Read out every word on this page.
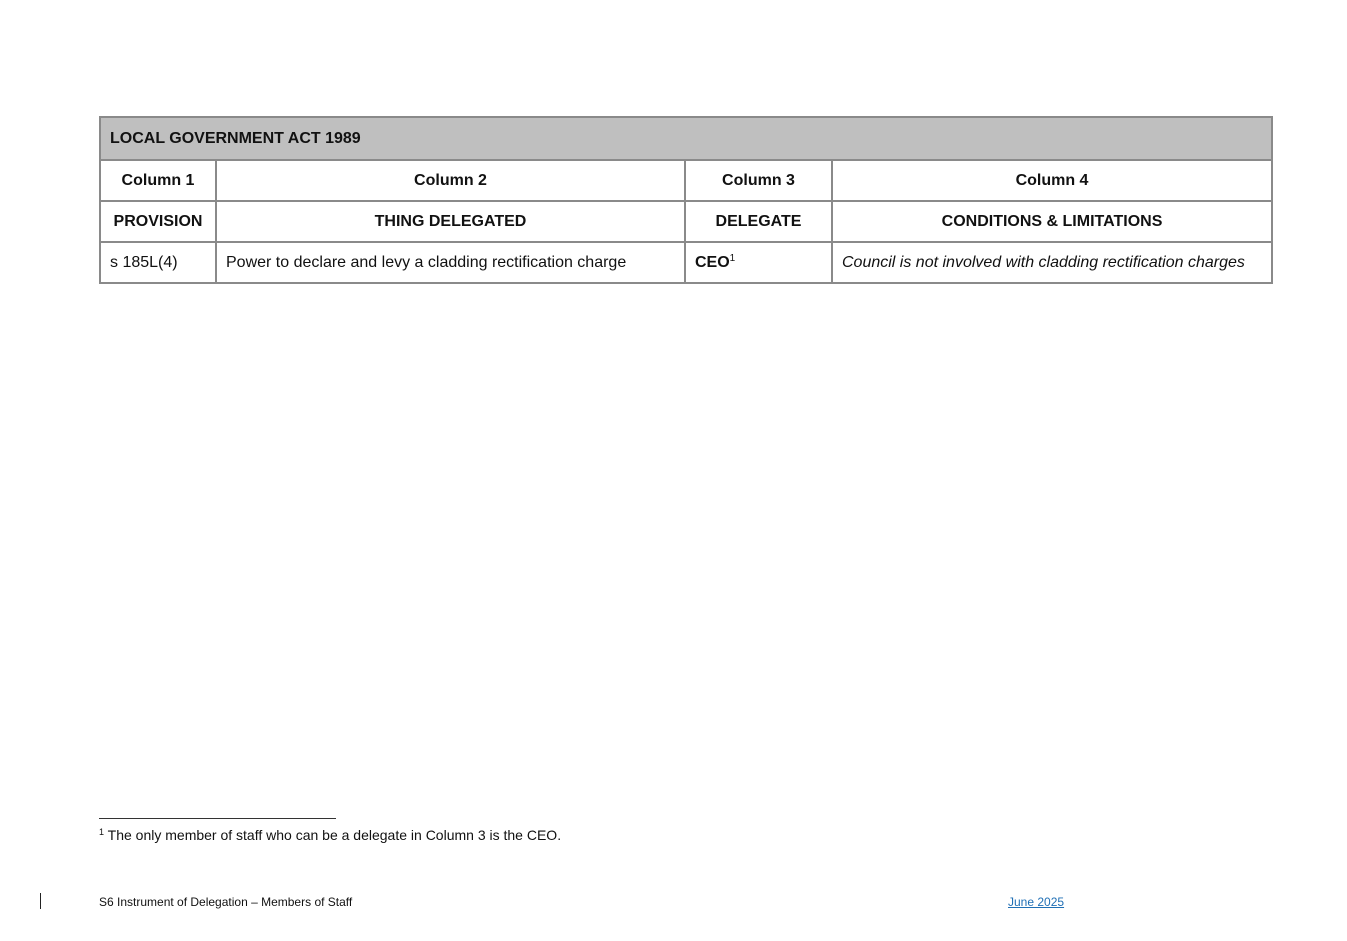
LOCAL GOVERNMENT ACT 1989			
Column 1	Column 2	Column 3	Column 4
PROVISION	THING DELEGATED	DELEGATE	CONDITIONS & LIMITATIONS
s 185L(4)	Power to declare and levy a cladding rectification charge	CEO$^1$	Council is not involved with cladding rectification charges
$^1$ The only member of staff who can be a delegate in Column 3 is the CEO.
S6 Instrument of Delegation – Members of Staff	June 2025
